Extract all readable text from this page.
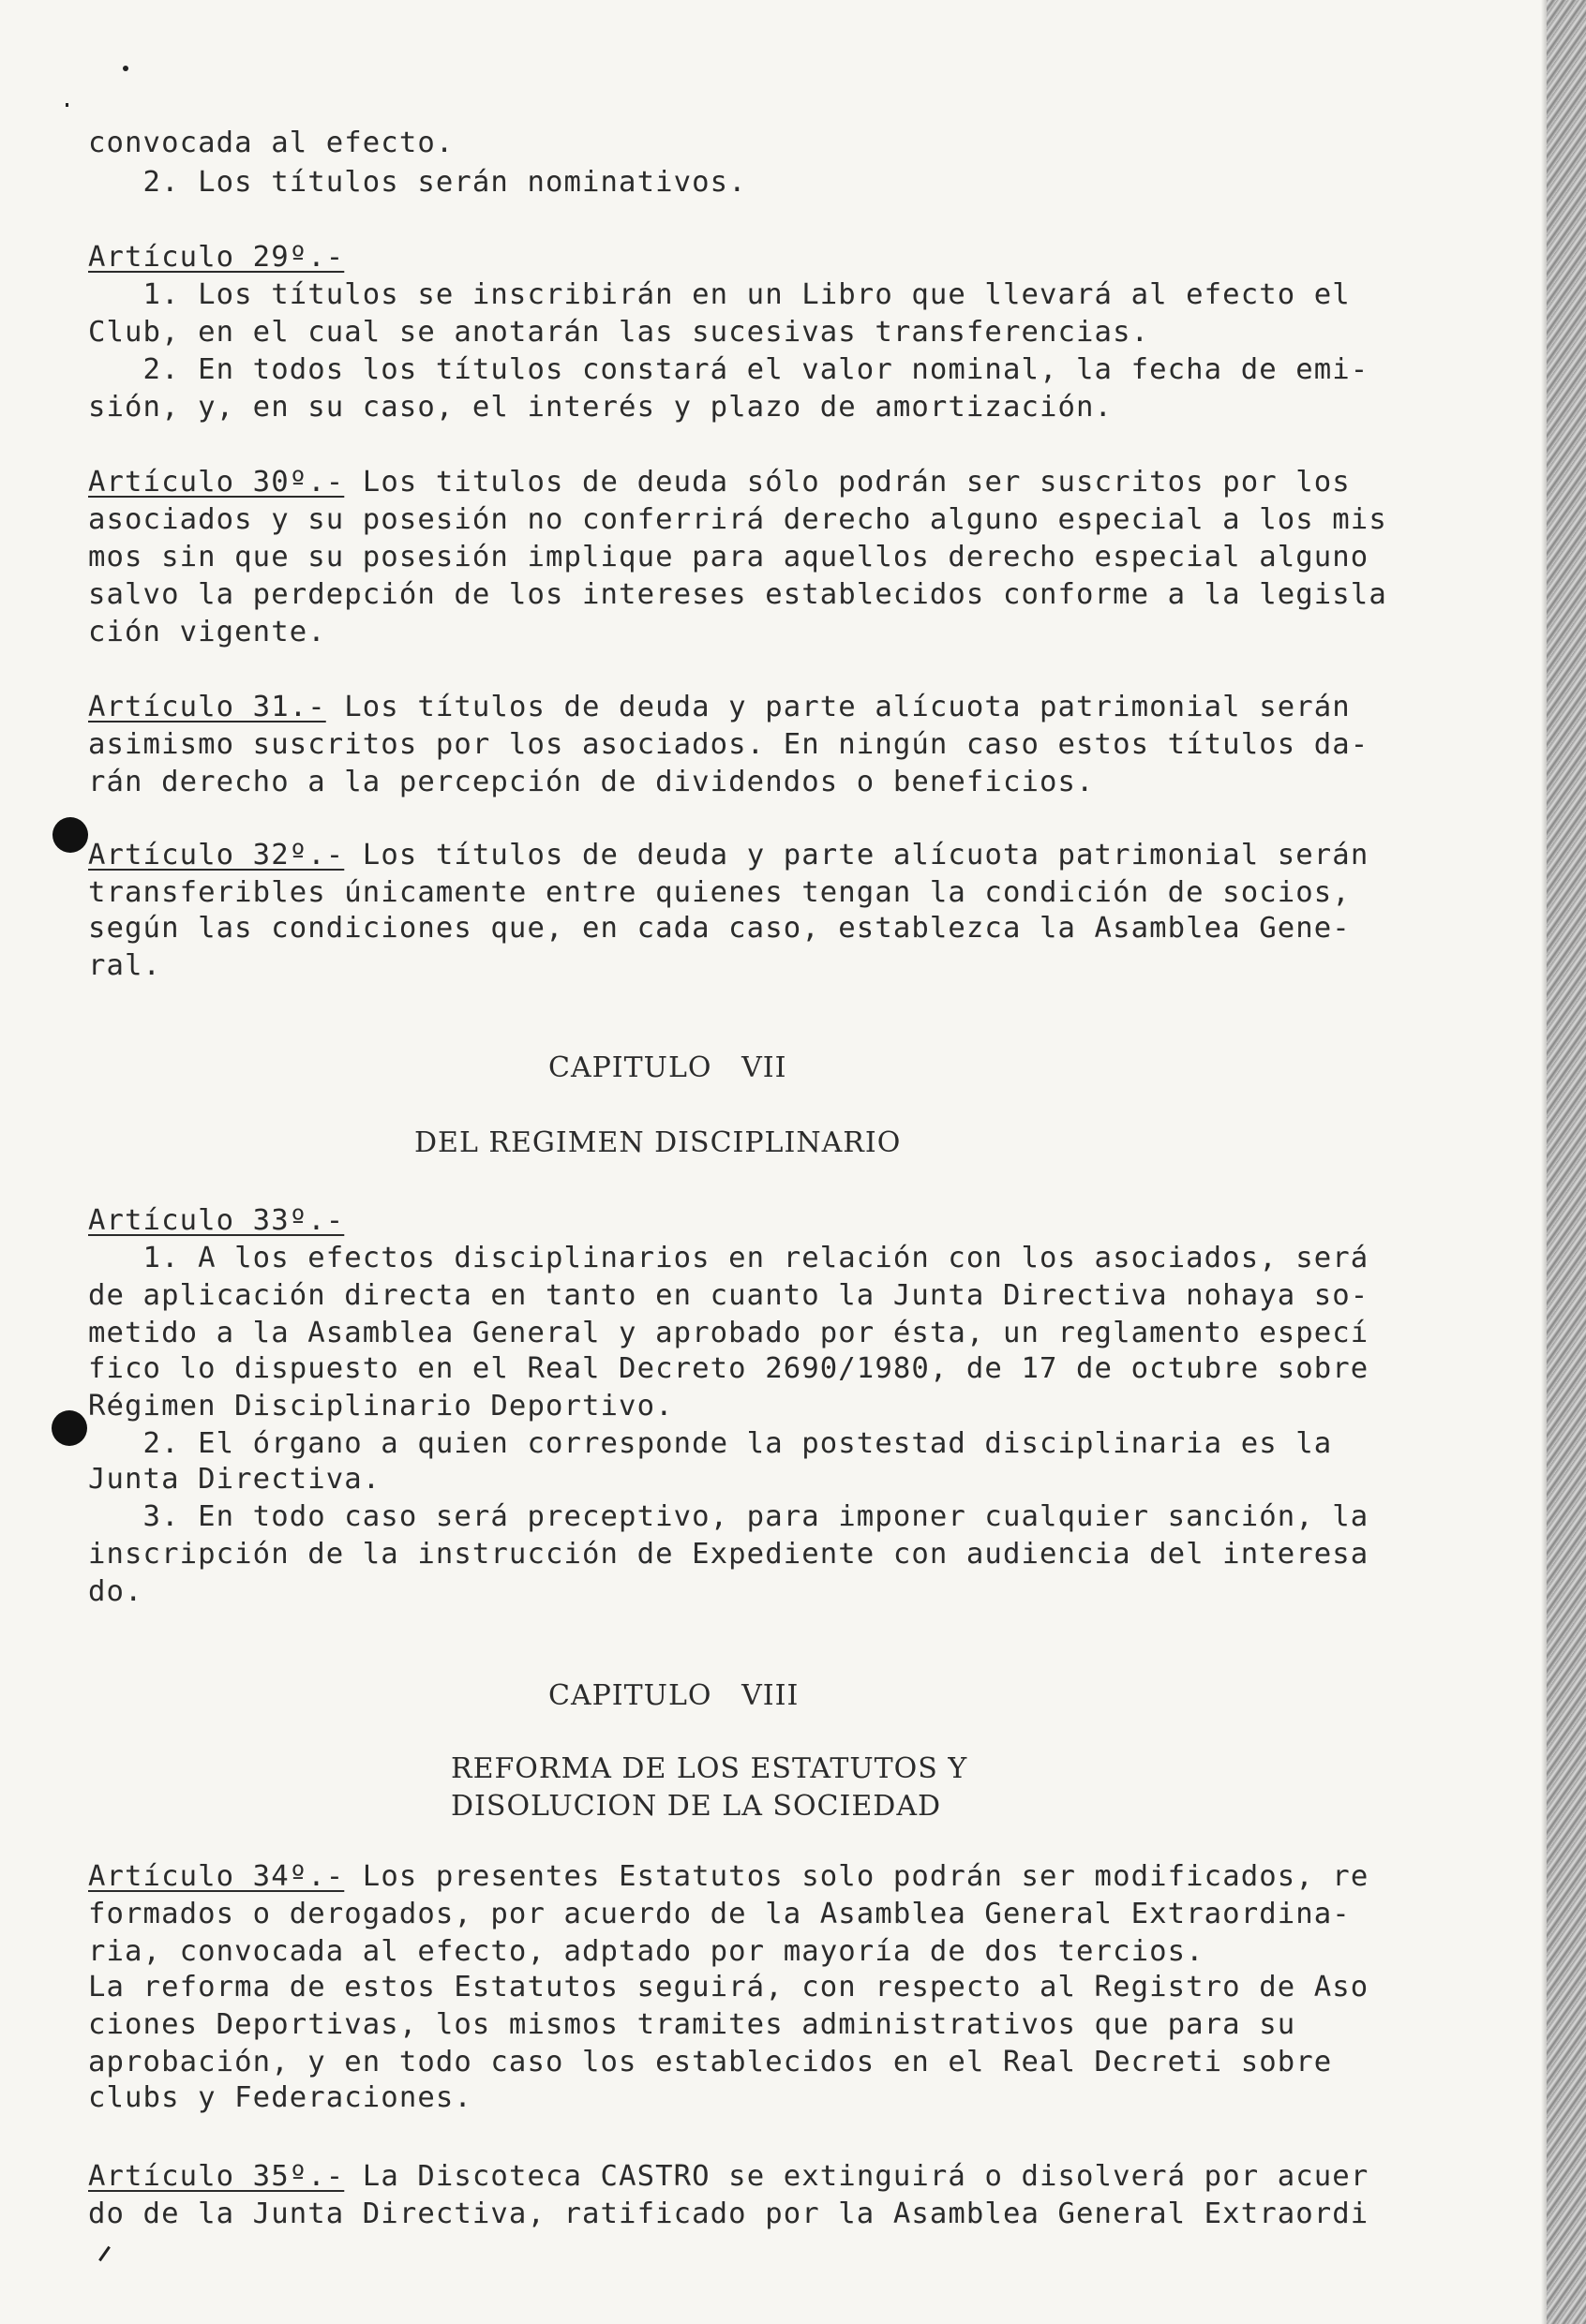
convocada al efecto.

2. Los títulos serán nominativos.

Artículo 29º.-

1. Los títulos se inscribirán en un Libro que llevará al efecto el

Club, en el cual se anotarán las sucesivas transferencias.

2. En todos los títulos constará el valor nominal, la fecha de emi-

sión, y, en su caso, el interés y plazo de amortización.

Artículo 30º.- Los titulos de deuda sólo podrán ser suscritos por los

asociados y su posesión no conferrirá derecho alguno especial a los mis

mos sin que su posesión implique para aquellos derecho especial alguno

salvo la perdepción de los intereses establecidos conforme a la legisla

ción vigente.

Artículo 31.- Los títulos de deuda y parte alícuota patrimonial serán

asimismo suscritos por los asociados. En ningún caso estos títulos da-

rán derecho a la percepción de dividendos o beneficios.

Artículo 32º.- Los títulos de deuda y parte alícuota patrimonial serán

transferibles únicamente entre quienes tengan la condición de socios,

según las condiciones que, en cada caso, establezca la Asamblea Gene-

ral.

Artículo 33º.-

1. A los efectos disciplinarios en relación con los asociados, será

de aplicación directa en tanto en cuanto la Junta Directiva nohaya so-

metido a la Asamblea General y aprobado por ésta, un reglamento especí

fico lo dispuesto en el Real Decreto 2690/1980, de 17 de octubre sobre

Régimen Disciplinario Deportivo.

2. El órgano a quien corresponde la postestad disciplinaria es la

Junta Directiva.

3. En todo caso será preceptivo, para imponer cualquier sanción, la

inscripción de la instrucción de Expediente con audiencia del interesa

do.

Artículo 34º.- Los presentes Estatutos solo podrán ser modificados, re

formados o derogados, por acuerdo de la Asamblea General Extraordina-

ria, convocada al efecto, adptado por mayoría de dos tercios.

La reforma de estos Estatutos seguirá, con respecto al Registro de Aso

ciones Deportivas, los mismos tramites administrativos que para su

aprobación, y en todo caso los establecidos en el Real Decreti sobre

clubs y Federaciones.

Artículo 35º.- La Discoteca CASTRO se extinguirá o disolverá por acuer

do de la Junta Directiva, ratificado por la Asamblea General Extraordi

CAPITULO   VII

DEL REGIMEN DISCIPLINARIO

CAPITULO   VIII

REFORMA DE LOS ESTATUTOS Y

DISOLUCION DE LA SOCIEDAD
